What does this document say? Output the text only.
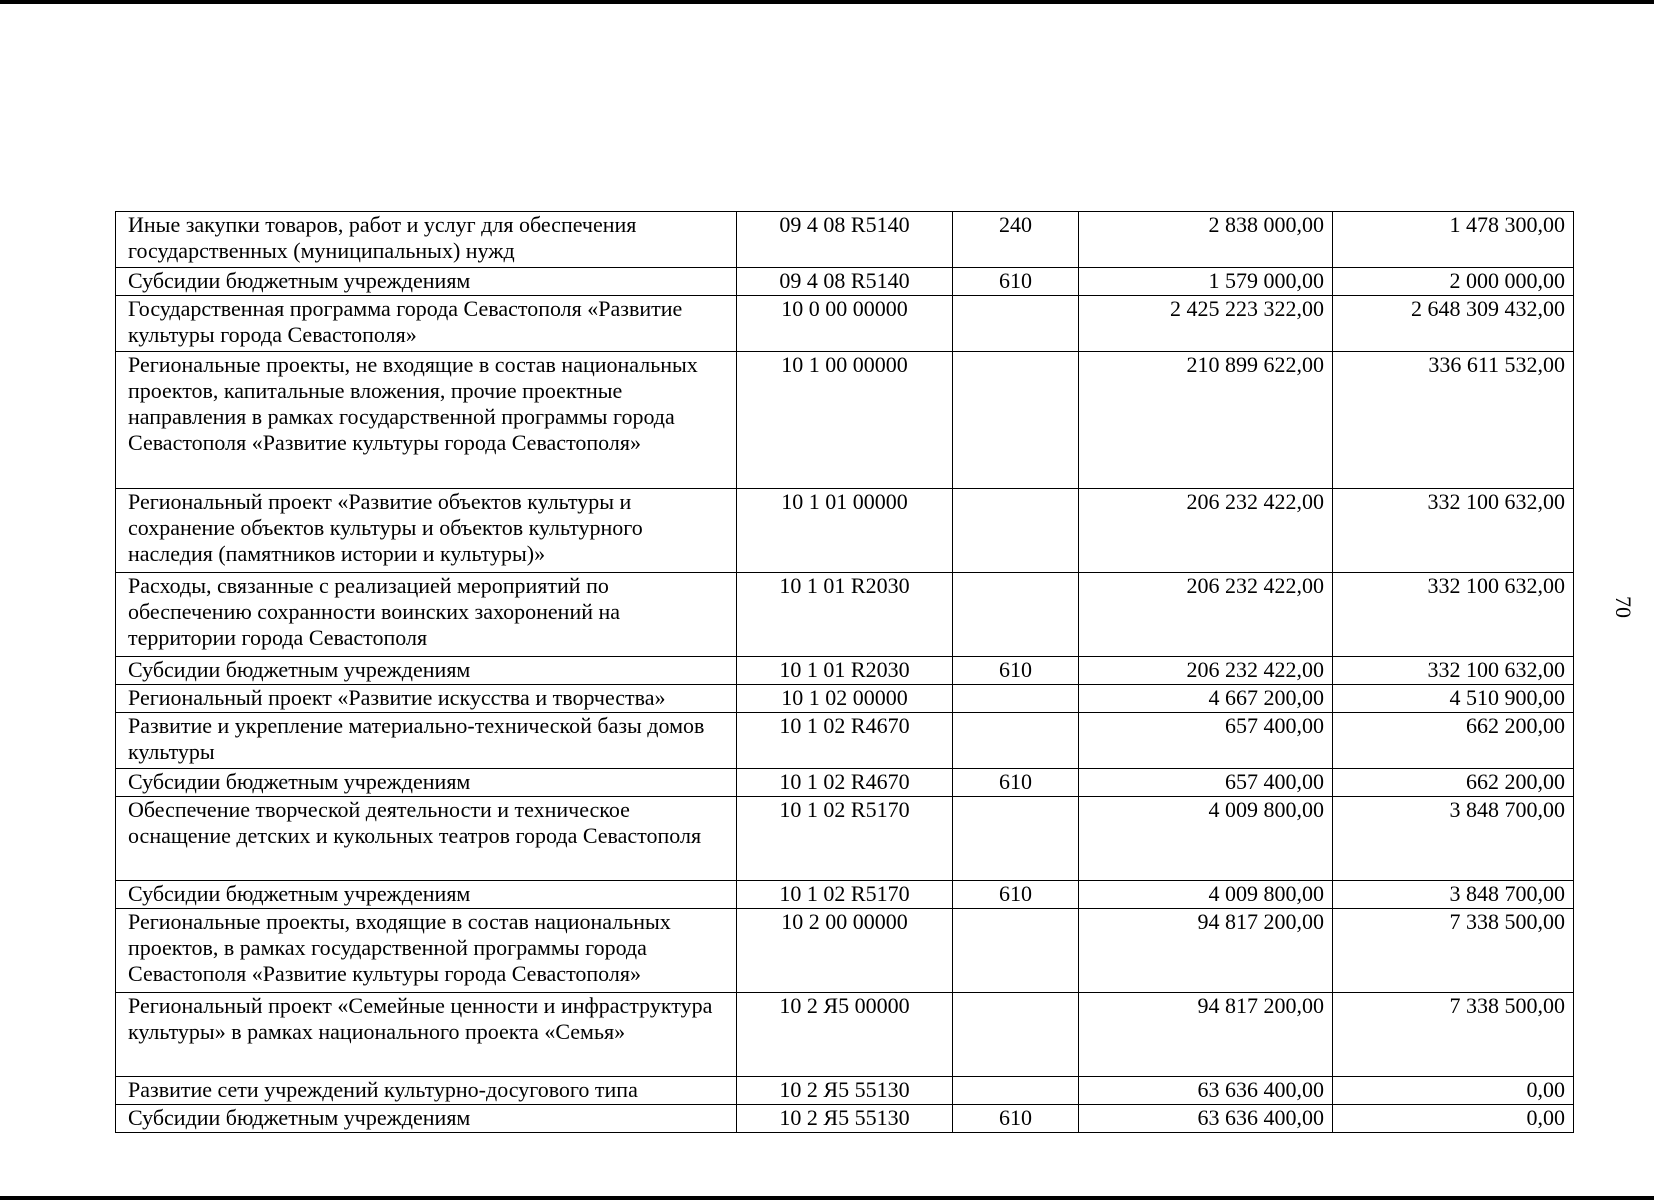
Иные закупки товаров, работ и услуг для обеспечения государственных (муниципальных) нужд	09 4 08 R5140	240	2 838 000,00	1 478 300,00
Субсидии бюджетным учреждениям	09 4 08 R5140	610	1 579 000,00	2 000 000,00
Государственная программа города Севастополя «Развитие культуры города Севастополя»	10 0 00 00000		2 425 223 322,00	2 648 309 432,00
Региональные проекты, не входящие в состав национальных проектов, капитальные вложения, прочие проектные направления в рамках государственной программы города Севастополя «Развитие культуры города Севастополя»	10 1 00 00000		210 899 622,00	336 611 532,00
Региональный проект «Развитие объектов культуры и сохранение объектов культуры и объектов культурного наследия (памятников истории и культуры)»	10 1 01 00000		206 232 422,00	332 100 632,00
Расходы, связанные с реализацией мероприятий по обеспечению сохранности воинских захоронений на территории города Севастополя	10 1 01 R2030		206 232 422,00	332 100 632,00
Субсидии бюджетным учреждениям	10 1 01 R2030	610	206 232 422,00	332 100 632,00
Региональный проект «Развитие искусства и творчества»	10 1 02 00000		4 667 200,00	4 510 900,00
Развитие и укрепление материально-технической базы домов культуры	10 1 02 R4670		657 400,00	662 200,00
Субсидии бюджетным учреждениям	10 1 02 R4670	610	657 400,00	662 200,00
Обеспечение творческой деятельности и техническое оснащение детских и кукольных театров города Севастополя	10 1 02 R5170		4 009 800,00	3 848 700,00
Субсидии бюджетным учреждениям	10 1 02 R5170	610	4 009 800,00	3 848 700,00
Региональные проекты, входящие в состав национальных проектов, в рамках государственной программы города Севастополя «Развитие культуры города Севастополя»	10 2 00 00000		94 817 200,00	7 338 500,00
Региональный проект «Семейные ценности и инфраструктура культуры» в рамках национального проекта «Семья»	10 2 Я5 00000		94 817 200,00	7 338 500,00
Развитие сети учреждений культурно-досугового типа	10 2 Я5 55130		63 636 400,00	0,00
Субсидии бюджетным учреждениям	10 2 Я5 55130	610	63 636 400,00	0,00
70
